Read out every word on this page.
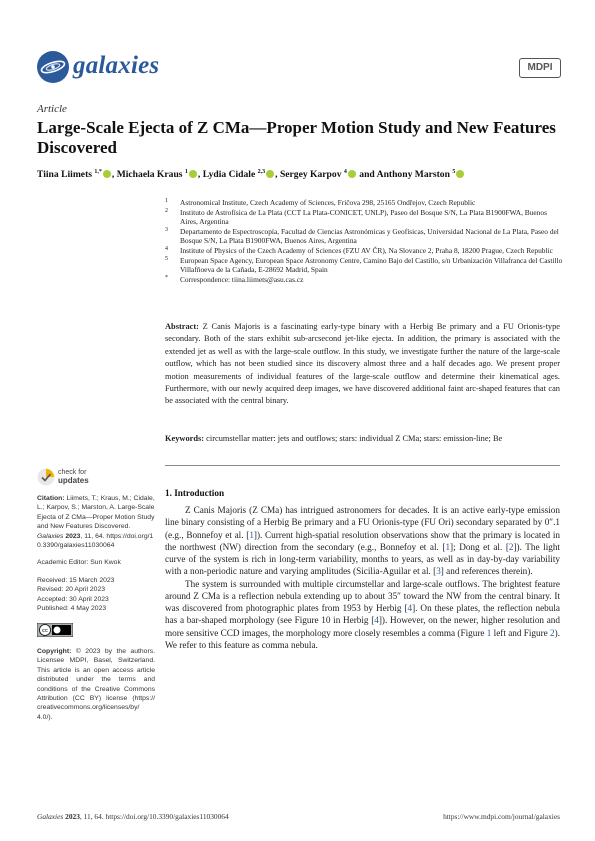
galaxies	MDPI
Article
Large-Scale Ejecta of Z CMa—Proper Motion Study and New Features Discovered
Tiina Liimets $^{1,*}$ , Michaela Kraus $^1$ , Lydia Cidale $^{2,3}$ , Sergey Karpov $^4$ and Anthony Marston $^5$
1 Astronomical Institute, Czech Academy of Sciences, Fričova 298, 25165 Ondřejov, Czech Republic
2 Instituto de Astrofísica de La Plata (CCT La Plata-CONICET, UNLP), Paseo del Bosque S/N, La Plata B1900FWA, Buenos Aires, Argentina
3 Departamento de Espectroscopía, Facultad de Ciencias Astronómicas y Geofísicas, Universidad Nacional de La Plata, Paseo del Bosque S/N, La Plata B1900FWA, Buenos Aires, Argentina
4 Institute of Physics of the Czech Academy of Sciences (FZU AV ČR), Na Slovance 2, Praha 8, 18200 Prague, Czech Republic
5 European Space Agency, European Space Astronomy Centre, Camino Bajo del Castillo, s/n Urbanización Villafranca del Castillo Villafñoeva de la Cañada, E-28692 Madrid, Spain
* Correspondence: tiina.liimets@asu.cas.cz
Abstract: Z Canis Majoris is a fascinating early-type binary with a Herbig Be primary and a FU Orionis-type secondary. Both of the stars exhibit sub-arcsecond jet-like ejecta. In addition, the primary is associated with the extended jet as well as with the large-scale outflow. In this study, we investigate further the nature of the large-scale outflow, which has not been studied since its discovery almost three and a half decades ago. We present proper motion measurements of individual features of the large-scale outflow and determine their kinematical ages. Furthermore, with our newly acquired deep images, we have discovered additional faint arc-shaped features that can be associated with the central binary.
Keywords: circumstellar matter: jets and outflows; stars: individual Z CMa; stars: emission-line; Be
check for
updates
Citation: Liimets, T.; Kraus, M.; Cidale, L.; Karpov, S.; Marston, A. Large-Scale Ejecta of Z CMa—Proper Motion Study and New Features Discovered. Galaxies 2023, 11, 64. https://doi.org/10.3390/galaxies11030064
Academic Editor: Sun Kwok
Received: 15 March 2023
Revised: 20 April 2023
Accepted: 30 April 2023
Published: 4 May 2023
cc
Copyright: © 2023 by the authors. Licensee MDPI, Basel, Switzerland. This article is an open access article distributed under the terms and conditions of the Creative Commons Attribution (CC BY) license (https:// creativecommons.org/licenses/by/ 4.0/).
1. Introduction

Z Canis Majoris (Z CMa) has intrigued astronomers for decades. It is an active early-type emission line binary consisting of a Herbig Be primary and a FU Orionis-type (FU Ori) secondary separated by 0″.1 (e.g., Bonnefoy et al. [1]). Current high-spatial resolution observations show that the primary is located in the northwest (NW) direction from the secondary (e.g., Bonnefoy et al. [1]; Dong et al. [2]). The light curve of the system is rich in long-term variability, months to years, as well as in day-by-day variability with a non-periodic nature and varying amplitudes (Sicilia-Aguilar et al. [3] and references therein).

The system is surrounded with multiple circumstellar and large-scale outflows. The brightest feature around Z CMa is a reflection nebula extending up to about 35″ toward the NW from the central binary. It was discovered from photographic plates from 1953 by Herbig [4]. On these plates, the reflection nebula has a bar-shaped morphology (see Figure 10 in Herbig [4]). However, on the newer, higher resolution and more sensitive CCD images, the morphology more closely resembles a comma (Figure 1 left and Figure 2). We refer to this feature as comma nebula.

Galaxies 2023, 11, 64. https://doi.org/10.3390/galaxies11030064	https://www.mdpi.com/journal/galaxies
